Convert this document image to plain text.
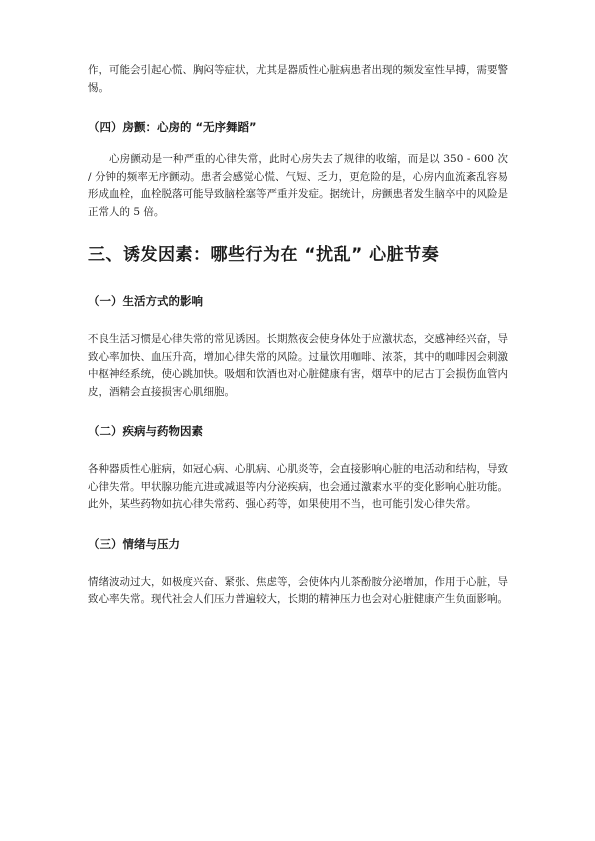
作，可能会引起心慌、胸闷等症状，尤其是器质性心脏病患者出现的频发室性早搏，需要警惕。

（四）房颤：心房的 “无序舞蹈”

心房颤动是一种严重的心律失常，此时心房失去了规律的收缩，而是以 350 - 600 次 / 分钟的频率无序颤动。患者会感觉心慌、气短、乏力，更危险的是，心房内血流紊乱容易形成血栓，血栓脱落可能导致脑栓塞等严重并发症。据统计，房颤患者发生脑卒中的风险是正常人的 5 倍。

三、诱发因素：哪些行为在 “扰乱” 心脏节奏
（一）生活方式的影响

不良生活习惯是心律失常的常见诱因。长期熬夜会使身体处于应激状态，交感神经兴奋，导致心率加快、血压升高，增加心律失常的风险。过量饮用咖啡、浓茶，其中的咖啡因会刺激中枢神经系统，使心跳加快。吸烟和饮酒也对心脏健康有害，烟草中的尼古丁会损伤血管内皮，酒精会直接损害心肌细胞。

（二）疾病与药物因素

各种器质性心脏病，如冠心病、心肌病、心肌炎等，会直接影响心脏的电活动和结构，导致心律失常。甲状腺功能亢进或减退等内分泌疾病，也会通过激素水平的变化影响心脏功能。此外，某些药物如抗心律失常药、强心药等，如果使用不当，也可能引发心律失常。

（三）情绪与压力

情绪波动过大，如极度兴奋、紧张、焦虑等，会使体内儿茶酚胺分泌增加，作用于心脏，导致心率失常。现代社会人们压力普遍较大，长期的精神压力也会对心脏健康产生负面影响。
